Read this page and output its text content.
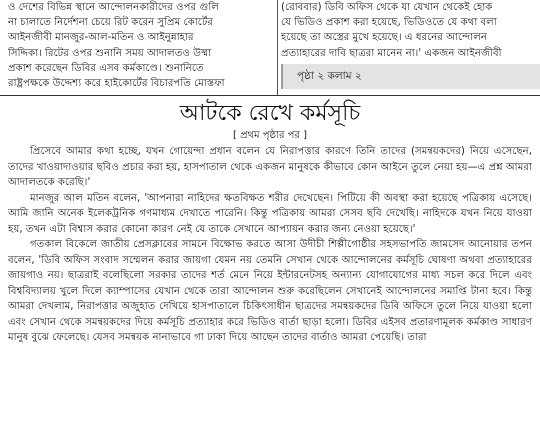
ও দেশের বিভিন্ন স্থানে আন্দোলনকারীদের ওপর গুলি

না চালাতে নির্দেশনা চেয়ে রিট করেন সুপ্রিম কোর্টের

আইনজীবী মানজুর-আল-মতিন ও আইনুন্নাহার

সিদ্দিকা। রিটের ওপর শুনানি সময় আদালতও উষ্মা

প্রকাশ করেছেন ডিবির এসব কর্মকাণ্ডে। শুনানিতে

রাষ্ট্রপক্ষকে উদ্দেশ্য করে হাইকোর্টের বিচারপতি মোস্তফা

(রোববার) ডিবি অফিস থেকে যা যেখান থেকেই হোক

যে ভিডিও প্রকাশ করা হয়েছে, ভিডিওতে যে কথা বলা

হয়েছে তা অস্ত্রের মুখে হয়েছে। এ ধরনের আন্দোলন

প্রত্যাহারের দাবি ছাত্ররা মানেন না।' একজন আইনজীবী

পৃষ্ঠা ২ কলাম ২
আটকে রেখে কর্মসূচি
[ প্রথম পৃষ্ঠার পর ]

প্রিসেবে আমার কথা হচ্ছে, যখন গোয়েন্দা প্রধান বলেন যে নিরাপত্তার কারণে তিনি তাদের (সমন্বয়কদের) নিয়ে এসেছেন, তাদের খাওয়াদাওয়ার ছবিও প্রচার করা হয়, হাসপাতাল থেকে একজন মানুষকে কীভাবে কোন আইনে তুলে নেয়া হয়—এ প্রশ্ন আমরা আদালতকে করেছি।'

মানজুর আল মতিন বলেন, 'আপনারা নাহিদের ক্ষতবিক্ষত শরীর দেখেছেন। পিটিয়ে কী অবস্থা করা হয়েছে পত্রিকায় এসেছে। আমি জানি অনেক ইলেকট্রনিক গণমাধ্যম দেখাতে পারেনি। কিন্তু পত্রিকায় আমরা সেসব ছবি দেখেছি। নাহিদকে যখন নিয়ে যাওয়া হয়, তখন এটা বিশ্বাস করার কোনো কারণ নেই যে তাকে সেখানে আপ্যায়ন করার জন্য নেওয়া হয়েছে।'

গতকাল বিকেলে জাতীয় প্রেসক্লাবের সামনে বিক্ষোভ করতে আসা উদীচী শিল্পীগোষ্ঠীর সহসভাপতি জামসেদ আনোয়ার তপন বলেন, 'ডিবি অফিস সংবাদ সম্মেলন করার জায়গা যেমন নয় তেমনি সেখান থেকে আন্দোলনের কর্মসূচি ঘোষণা অথবা প্রত্যাহারের জায়গাও নয়। ছাত্ররাই বলেছিলো সরকার তাদের শর্ত মেনে নিয়ে ইন্টারনেটসহ অন্যান্য যোগাযোগের মাধ্য সচল করে দিলে এবং বিশ্ববিদ্যালয় খুলে দিলে ক্যাম্পাসের যেখান থেকে তারা আন্দোলন শুরু করেছিলেন সেখানেই আন্দোলনের সমাপ্তি টানা হবে। কিন্তু আমরা দেখলাম, নিরাপত্তার অজুহাত দেখিয়ে হাসপাতালে চিকিৎসাধীন ছাত্রদের সমন্বয়কদের ডিবি অফিসে তুলে নিয়ে যাওয়া হলো এবং সেখান থেকে সমন্বয়কদের দিয়ে কর্মসূচি প্রত্যাহার করে ভিডিও বার্তা ছাড়া হলো। ডিবির এইসব প্রতারণামূলক কর্মকাণ্ড সাধারণ মানুষ বুঝে ফেলেছে। যেসব সমন্বয়ক নানাভাবে গা ঢাকা দিয়ে আছেন তাদের বার্তাও আমরা পেয়েছি। তারা
